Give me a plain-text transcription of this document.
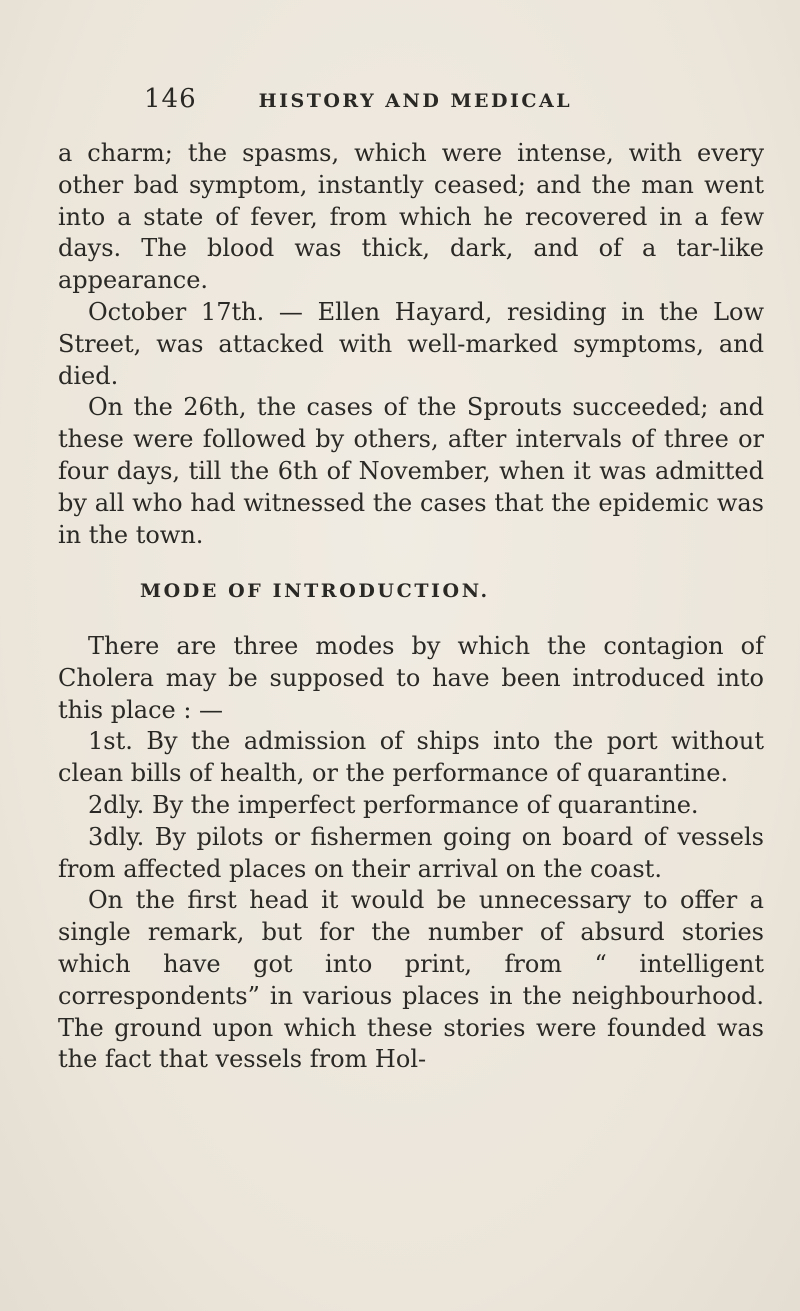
146	HISTORY AND MEDICAL

a charm; the spasms, which were intense, with every other bad symptom, instantly ceased; and the man went into a state of fever, from which he recovered in a few days. The blood was thick, dark, and of a tar-like appearance.

October 17th. — Ellen Hayard, residing in the Low Street, was attacked with well-marked symptoms, and died.

On the 26th, the cases of the Sprouts succeeded; and these were followed by others, after intervals of three or four days, till the 6th of November, when it was admitted by all who had witnessed the cases that the epidemic was in the town.

MODE OF INTRODUCTION.

There are three modes by which the contagion of Cholera may be supposed to have been introduced into this place : —

1st. By the admission of ships into the port without clean bills of health, or the performance of quarantine.

2dly. By the imperfect performance of quarantine.

3dly. By pilots or fishermen going on board of vessels from affected places on their arrival on the coast.

On the first head it would be unnecessary to offer a single remark, but for the number of absurd stories which have got into print, from “ intelligent correspondents” in various places in the neighbourhood. The ground upon which these stories were founded was the fact that vessels from Hol-
